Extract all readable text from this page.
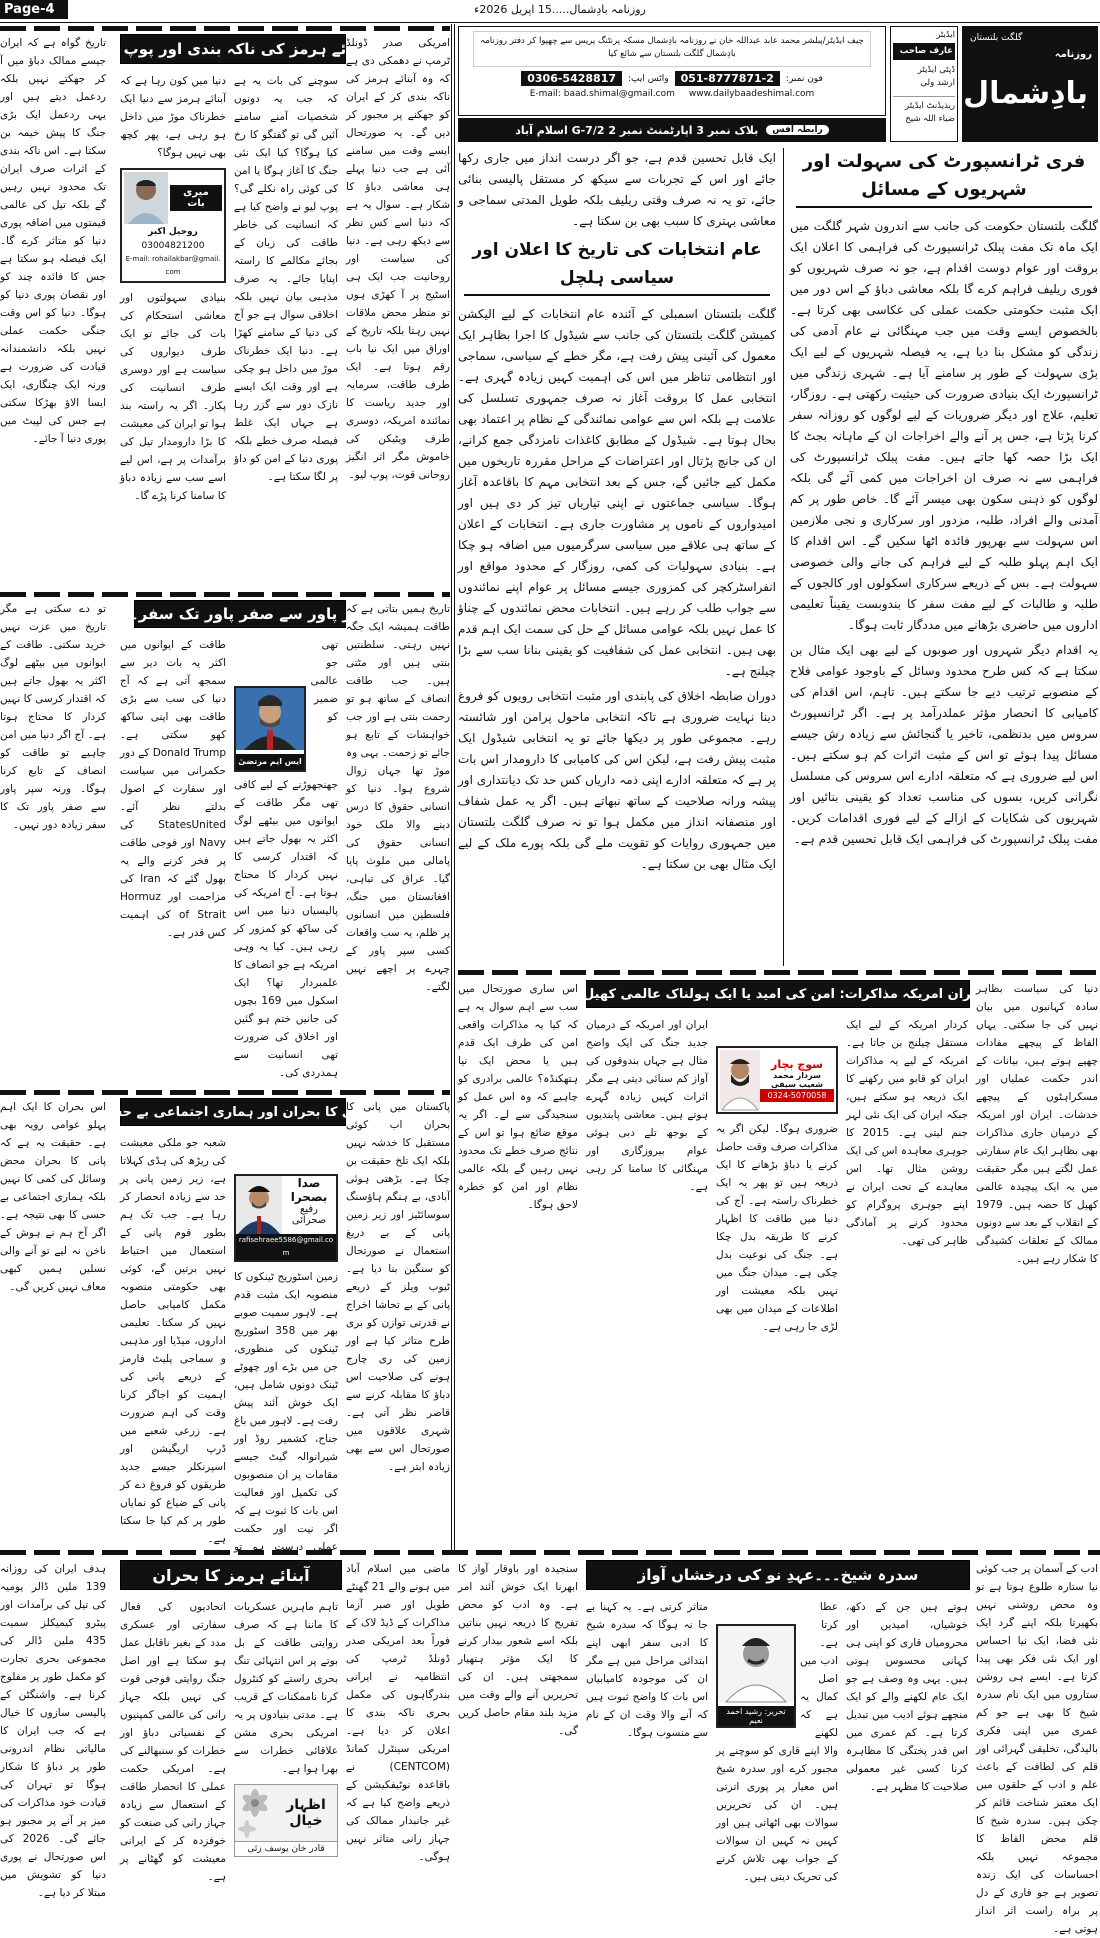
Page-4	روزنامہ بادِشمال.....15 اپریل 2026ء
روزنامہ
بادِشمال
گلگت بلتستان
ایڈیٹر
عارف صاحب
ڈپٹی ایڈیٹر
ارشد ولی
ریذیڈنٹ ایڈیٹر
ضیاء اللہ شیخ
چیف ایڈیٹر/پبلشر محمد عابد عبداللہ خان نے روزنامہ بادِشمال مسکہ پرنٹنگ پریس سے چھپوا کر دفتر روزنامہ بادِشمال گلگت بلتستان سے شائع کیا
فون نمبر:
051-8777871-2
واٹس ایپ:
0306-5428817
E-mail: baad.shimal@gmail.com www.dailybaadeshimal.com
رابطہ آفس
بلاک نمبر 3 اپارٹمنٹ نمبر 2 G-7/2 اسلام آباد
فری ٹرانسپورٹ کی سہولت اور شہریوں کے مسائل

گلگت بلتستان حکومت کی جانب سے اندرون شہر گلگت میں ایک ماہ تک مفت پبلک ٹرانسپورٹ کی فراہمی کا اعلان ایک بروقت اور عوام دوست اقدام ہے، جو نہ صرف شہریوں کو فوری ریلیف فراہم کرے گا بلکہ معاشی دباؤ کے اس دور میں ایک مثبت حکومتی حکمت عملی کی عکاسی بھی کرتا ہے۔ بالخصوص ایسے وقت میں جب مہنگائی نے عام آدمی کی زندگی کو مشکل بنا دیا ہے، یہ فیصلہ شہریوں کے لیے ایک بڑی سہولت کے طور پر سامنے آیا ہے۔ شہری زندگی میں ٹرانسپورٹ ایک بنیادی ضرورت کی حیثیت رکھتی ہے۔ روزگار، تعلیم، علاج اور دیگر ضروریات کے لیے لوگوں کو روزانہ سفر کرنا پڑتا ہے، جس پر آنے والے اخراجات ان کے ماہانہ بجٹ کا ایک بڑا حصہ کھا جاتے ہیں۔ مفت پبلک ٹرانسپورٹ کی فراہمی سے نہ صرف ان اخراجات میں کمی آئے گی بلکہ لوگوں کو ذہنی سکون بھی میسر آئے گا۔ خاص طور پر کم آمدنی والے افراد، طلبہ، مزدور اور سرکاری و نجی ملازمین اس سہولت سے بھرپور فائدہ اٹھا سکیں گے۔ اس اقدام کا ایک اہم پہلو طلبہ کے لیے فراہم کی جانے والی خصوصی سہولت ہے۔ بس کے ذریعے سرکاری اسکولوں اور کالجوں کے طلبہ و طالبات کے لیے مفت سفر کا بندوبست یقیناً تعلیمی اداروں میں حاضری بڑھانے میں مددگار ثابت ہوگا۔

یہ اقدام دیگر شہروں اور صوبوں کے لیے بھی ایک مثال بن سکتا ہے کہ کس طرح محدود وسائل کے باوجود عوامی فلاح کے منصوبے ترتیب دیے جا سکتے ہیں۔ تاہم، اس اقدام کی کامیابی کا انحصار مؤثر عملدرآمد پر ہے۔ اگر ٹرانسپورٹ سروس میں بدنظمی، تاخیر یا گنجائش سے زیادہ رش جیسے مسائل پیدا ہوئے تو اس کے مثبت اثرات کم ہو سکتے ہیں۔ اس لیے ضروری ہے کہ متعلقہ ادارے اس سروس کی مسلسل نگرانی کریں، بسوں کی مناسب تعداد کو یقینی بنائیں اور شہریوں کی شکایات کے ازالے کے لیے فوری اقدامات کریں۔ مفت پبلک ٹرانسپورٹ کی فراہمی ایک قابل تحسین قدم ہے۔

ایک قابل تحسین قدم ہے، جو اگر درست انداز میں جاری رکھا جائے اور اس کے تجربات سے سیکھ کر مستقل پالیسی بنائی جائے، تو یہ نہ صرف وقتی ریلیف بلکہ طویل المدتی سماجی و معاشی بہتری کا سبب بھی بن سکتا ہے۔

عام انتخابات کی تاریخ کا اعلان اور سیاسی ہلچل

گلگت بلتستان اسمبلی کے آئندہ عام انتخابات کے لیے الیکشن کمیشن گلگت بلتستان کی جانب سے شیڈول کا اجرا بظاہر ایک معمول کی آئینی پیش رفت ہے، مگر خطے کے سیاسی، سماجی اور انتظامی تناظر میں اس کی اہمیت کہیں زیادہ گہری ہے۔ انتخابی عمل کا بروقت آغاز نہ صرف جمہوری تسلسل کی علامت ہے بلکہ اس سے عوامی نمائندگی کے نظام پر اعتماد بھی بحال ہوتا ہے۔ شیڈول کے مطابق کاغذات نامزدگی جمع کرانے، ان کی جانچ پڑتال اور اعتراضات کے مراحل مقررہ تاریخوں میں مکمل کیے جائیں گے، جس کے بعد انتخابی مہم کا باقاعدہ آغاز ہوگا۔ سیاسی جماعتوں نے اپنی تیاریاں تیز کر دی ہیں اور امیدواروں کے ناموں پر مشاورت جاری ہے۔ انتخابات کے اعلان کے ساتھ ہی علاقے میں سیاسی سرگرمیوں میں اضافہ ہو چکا ہے۔ بنیادی سہولیات کی کمی، روزگار کے محدود مواقع اور انفراسٹرکچر کی کمزوری جیسے مسائل پر عوام اپنے نمائندوں سے جواب طلب کر رہے ہیں۔ انتخابات محض نمائندوں کے چناؤ کا عمل نہیں بلکہ عوامی مسائل کے حل کی سمت ایک اہم قدم بھی ہیں۔ انتخابی عمل کی شفافیت کو یقینی بنانا سب سے بڑا چیلنج ہے۔

دوران ضابطہ اخلاق کی پابندی اور مثبت انتخابی رویوں کو فروغ دینا نہایت ضروری ہے تاکہ انتخابی ماحول پرامن اور شائستہ رہے۔ مجموعی طور پر دیکھا جائے تو یہ انتخابی شیڈول ایک مثبت پیش رفت ہے، لیکن اس کی کامیابی کا دارومدار اس بات پر ہے کہ متعلقہ ادارے اپنی ذمہ داریاں کس حد تک دیانتداری اور پیشہ ورانہ صلاحیت کے ساتھ نبھاتے ہیں۔ اگر یہ عمل شفاف اور منصفانہ انداز میں مکمل ہوا تو نہ صرف گلگت بلتستان میں جمہوری روایات کو تقویت ملے گی بلکہ پورے ملک کے لیے ایک مثال بھی بن سکتا ہے۔

آبنائے ہرمز کی ناکہ بندی اور پوپ لیو

امریکی صدر ڈونلڈ ٹرمپ نے دھمکی دی ہے کہ وہ آبنائے ہرمز کی ناکہ بندی کر کے ایران کو جھکنے پر مجبور کر دیں گے۔ یہ صورتحال ایسے وقت میں سامنے آئی ہے جب دنیا پہلے ہی معاشی دباؤ کا شکار ہے۔ سوال یہ ہے کہ دنیا اسے کس نظر سے دیکھ رہی ہے۔ دنیا کی سیاست اور روحانیت جب ایک ہی اسٹیج پر آ کھڑی ہوں تو منظر محض ملاقات نہیں رہتا بلکہ تاریخ کے اوراق میں ایک نیا باب رقم ہوتا ہے۔ ایک طرف طاقت، سرمایہ اور جدید ریاست کا نمائندہ امریکہ، دوسری طرف ویٹیکن کی خاموش مگر اثر انگیز روحانی قوت، پوپ لیو۔

سوچنے کی بات یہ ہے کہ جب یہ دونوں شخصیات آمنے سامنے آئیں گی تو گفتگو کا رخ کیا ہوگا؟ کیا ایک نئی جنگ کا آغاز ہوگا یا امن کی کوئی راہ نکلے گی؟ پوپ لیو نے واضح کیا ہے کہ انسانیت کی خاطر طاقت کی زبان کے بجائے مکالمے کا راستہ اپنایا جائے۔ یہ صرف مذہبی بیان نہیں بلکہ اخلاقی سوال ہے جو آج کی دنیا کے سامنے کھڑا ہے۔ دنیا ایک خطرناک موڑ میں داخل ہو چکی ہے اور وقت ایک ایسے نازک دور سے گزر رہا ہے جہاں ایک غلط فیصلہ صرف خطے بلکہ پوری دنیا کے امن کو داؤ پر لگا سکتا ہے۔

دنیا میں کون رہا ہے کہ آبنائے ہرمز سے دنیا ایک خطرناک موڑ میں داخل ہو رہی ہے، پھر کچھ بھی نہیں ہوگا؟

میری بات
روحیل اکبر
03004821200
E-mail: rohailakbar@gmail.com

بنیادی سہولتوں اور معاشی استحکام کی بات کی جائے تو ایک طرف دیواروں کی سیاست ہے اور دوسری طرف انسانیت کی پکار۔ اگر یہ راستہ بند ہوا تو ایران کی معیشت کا بڑا دارومدار تیل کی برآمدات پر ہے، اس لیے اسے سب سے زیادہ دباؤ کا سامنا کرنا پڑے گا۔

تاریخ گواہ ہے کہ ایران جیسے ممالک دباؤ میں آ کر جھکتے نہیں بلکہ ردعمل دیتے ہیں اور یہی ردعمل ایک بڑی جنگ کا پیش خیمہ بن سکتا ہے۔ اس ناکہ بندی کے اثرات صرف ایران تک محدود نہیں رہیں گے بلکہ تیل کی عالمی قیمتوں میں اضافہ پوری دنیا کو متاثر کرے گا۔ ایک فیصلہ ہو سکتا ہے جس کا فائدہ چند کو اور نقصان پوری دنیا کو ہوگا۔ دنیا کو اس وقت جنگی حکمت عملی نہیں بلکہ دانشمندانہ قیادت کی ضرورت ہے ورنہ ایک چنگاری، ایک ایسا الاؤ بھڑکا سکتی ہے جس کی لپیٹ میں پوری دنیا آ جائے۔

سپر پاور سے صفر پاور تک سفر۔۔!!

تاریخ ہمیں بتاتی ہے کہ طاقت ہمیشہ ایک جگہ نہیں رہتی۔ سلطنتیں بنتی ہیں اور مٹتی ہیں۔ جب طاقت انصاف کے ساتھ ہو تو رحمت بنتی ہے اور جب خواہشات کے تابع ہو جائے تو زحمت۔ یہی وہ موڑ تھا جہاں زوال شروع ہوا۔ دنیا کو انسانی حقوق کا درس دینے والا ملک خود انسانی حقوق کی پامالی میں ملوث پایا گیا۔ عراق کی تباہی، افغانستان میں جنگ، فلسطین میں انسانوں پر ظلم، یہ سب واقعات کسی سپر پاور کے چہرے پر اچھے نہیں لگتے۔

ایس ایم مرتضیٰ

تھی جو عالمی ضمیر کو جھنجھوڑنے کے لیے کافی تھی مگر طاقت کے ایوانوں میں بیٹھے لوگ اکثر یہ بھول جاتے ہیں کہ اقتدار کرسی کا نہیں کردار کا محتاج ہوتا ہے۔ آج امریکہ کی پالیسیاں دنیا میں اس کی ساکھ کو کمزور کر رہی ہیں۔ کیا یہ وہی امریکہ ہے جو انصاف کا علمبردار تھا؟ ایک اسکول میں 169 بچوں کی جانیں ختم ہو گئیں اور اخلاق کی ضرورت تھی انسانیت سے ہمدردی کی۔

طاقت کے ایوانوں میں اکثر یہ بات دیر سے سمجھ آتی ہے کہ آج دنیا کی سب سے بڑی طاقت بھی اپنی ساکھ کھو سکتی ہے۔ Donald Trump کے دور حکمرانی میں سیاست اور سفارت کے اصول بدلتے نظر آئے۔ StatesUnited کی Navy اور فوجی طاقت پر فخر کرنے والے یہ بھول گئے کہ Iran کی مزاحمت اور Hormuz of Strait کی اہمیت کس قدر ہے۔

تو دے سکتی ہے مگر تاریخ میں عزت نہیں خرید سکتی۔ طاقت کے ایوانوں میں بیٹھے لوگ اکثر یہ بھول جاتے ہیں کہ اقتدار کرسی کا نہیں کردار کا محتاج ہوتا ہے۔ آج اگر دنیا میں امن چاہیے تو طاقت کو انصاف کے تابع کرنا ہوگا۔ ورنہ سپر پاور سے صفر پاور تک کا سفر زیادہ دور نہیں۔

پانی کا بحران اور ہماری اجتماعی بے حسی

پاکستان میں پانی کا بحران اب کوئی مستقبل کا خدشہ نہیں بلکہ ایک تلخ حقیقت بن چکا ہے۔ بڑھتی ہوئی آبادی، بے ہنگم ہاؤسنگ سوسائٹیز اور زیر زمین پانی کے بے دریغ استعمال نے صورتحال کو سنگین بنا دیا ہے۔ ٹیوب ویلز کے ذریعے پانی کے بے تحاشا اخراج نے قدرتی توازن کو بری طرح متاثر کیا ہے اور زمین کی ری چارج ہونے کی صلاحیت اس دباؤ کا مقابلہ کرنے سے قاصر نظر آتی ہے۔ شہری علاقوں میں صورتحال اس سے بھی زیادہ ابتر ہے۔

صدا بصحرا
رفیع صحرائی
rafisehraee5586@gmail.com

زمین اسٹوریج ٹینکوں کا منصوبہ ایک مثبت قدم ہے۔ لاہور سمیت صوبے بھر میں 358 اسٹوریج ٹینکوں کی منظوری، جن میں بڑے اور چھوٹے ٹینک دونوں شامل ہیں، ایک خوش آئند پیش رفت ہے۔ لاہور میں باغ جناح، کشمیر روڈ اور شیرانوالہ گیٹ جیسے مقامات پر ان منصوبوں کی تکمیل اور فعالیت اس بات کا ثبوت ہے کہ اگر نیت اور حکمت عملی درست ہو تو

شعبہ جو ملکی معیشت کی ریڑھ کی ہڈی کہلاتا ہے، زیر زمین پانی پر حد سے زیادہ انحصار کر رہا ہے۔ جب تک ہم بطور قوم پانی کے استعمال میں احتیاط نہیں برتیں گے، کوئی بھی حکومتی منصوبہ مکمل کامیابی حاصل نہیں کر سکتا۔ تعلیمی اداروں، میڈیا اور مذہبی و سماجی پلیٹ فارمز کے ذریعے پانی کی اہمیت کو اجاگر کرنا وقت کی اہم ضرورت ہے۔ زرعی شعبے میں ڈرپ اریگیشن اور اسپرنکلر جیسے جدید طریقوں کو فروغ دے کر پانی کے ضیاع کو نمایاں طور پر کم کیا جا سکتا ہے۔

اس بحران کا ایک اہم پہلو عوامی رویہ بھی ہے۔ حقیقت یہ ہے کہ پانی کا بحران محض وسائل کی کمی کا نہیں بلکہ ہماری اجتماعی بے حسی کا بھی نتیجہ ہے۔ اگر آج ہم نے ہوش کے ناخن نہ لیے تو آنے والی نسلیں ہمیں کبھی معاف نہیں کریں گی۔

آبنائے ہرمز کا بحران	ماضی میں اسلام آباد میں ہونے والے 21 گھنٹے طویل اور صبر آزما مذاکرات کے ڈیڈ لاک کے فوراً بعد امریکی صدر ڈونلڈ ٹرمپ کی انتظامیہ نے ایرانی بندرگاہوں کی مکمل بحری ناکہ بندی کا اعلان کر دیا ہے۔ امریکی سینٹرل کمانڈ (CENTCOM) نے باقاعدہ نوٹیفکیشن کے ذریعے واضح کیا ہے کہ غیر جانبدار ممالک کی جہاز رانی متاثر نہیں ہوگی۔

تاہم ماہرین عسکریات کا ماننا ہے کہ صرف روایتی طاقت کے بل بوتے پر اس انتہائی تنگ بحری راستے کو کنٹرول کرنا ناممکنات کے قریب ہے۔ مدتی بنیادوں پر یہ امریکی بحری مشن علاقائی خطرات سے بھرا ہوا ہے۔

اظہار خیال
قادر خان یوسف زئی

اتحادیوں کی فعال سفارتی اور عسکری مدد کے بغیر ناقابل عمل ہو سکتا ہے اور اصل جنگ روایتی فوجی قوت کی نہیں بلکہ جہاز رانی کی عالمی کمپنیوں کے نفسیاتی دباؤ اور خطرات کو سنبھالنے کی ہے۔ امریکی حکمت عملی کا انحصار طاقت کے استعمال سے زیادہ جہاز رانی کی صنعت کو خوفزدہ کر کے ایرانی معیشت کو گھٹانے پر ہے۔

ہدف ایران کی روزانہ 139 ملین ڈالر یومیہ کی تیل کی برآمدات اور پیٹرو کیمیکلز سمیت 435 ملین ڈالر کی مجموعی بحری تجارت کو مکمل طور پر مفلوج کرنا ہے۔ واشنگٹن کے پالیسی سازوں کا خیال ہے کہ جب ایران کا مالیاتی نظام اندرونی طور پر دباؤ کا شکار ہوگا تو تہران کی قیادت خود مذاکرات کی میز پر آنے پر مجبور ہو جائے گی۔ 2026 کی اس صورتحال نے پوری دنیا کو تشویش میں مبتلا کر دیا ہے۔

ایران امریکہ مذاکرات: امن کی امید یا ایک ہولناک عالمی کھیل؟

دنیا کی سیاست بظاہر سادہ کہانیوں میں بیان نہیں کی جا سکتی۔ یہاں الفاظ کے پیچھے مفادات چھپے ہوتے ہیں، بیانات کے اندر حکمت عملیاں اور مسکراہٹوں کے پیچھے خدشات۔ ایران اور امریکہ کے درمیان جاری مذاکرات بھی بظاہر ایک عام سفارتی عمل لگتے ہیں مگر حقیقت میں یہ ایک پیچیدہ عالمی کھیل کا حصہ ہیں۔ 1979 کے انقلاب کے بعد سے دونوں ممالک کے تعلقات کشیدگی کا شکار رہے ہیں۔

کردار امریکہ کے لیے ایک مستقل چیلنج بن جاتا ہے۔ امریکہ کے لیے یہ مذاکرات ایران کو قابو میں رکھنے کا ایک ذریعہ ہو سکتے ہیں، جبکہ ایران کی ایک نئی لہر جنم لیتی ہے۔ 2015 کا جوہری معاہدہ اس کی ایک روشن مثال تھا۔ اس معاہدے کے تحت ایران نے اپنے جوہری پروگرام کو محدود کرنے پر آمادگی ظاہر کی تھی۔

سوچ بچار
سردار محمد شعیب سیفی
0324-5070058

ضروری ہوگا۔ لیکن اگر یہ مذاکرات صرف وقت حاصل کرنے یا دباؤ بڑھانے کا ایک ذریعہ ہیں تو پھر یہ ایک خطرناک راستہ ہے۔ آج کی دنیا میں طاقت کا اظہار کرنے کا طریقہ بدل چکا ہے۔ جنگ کی نوعیت بدل چکی ہے۔ میدان جنگ میں نہیں بلکہ معیشت اور اطلاعات کے میدان میں بھی لڑی جا رہی ہے۔

ایران اور امریکہ کے درمیان جدید جنگ کی ایک واضح مثال ہے جہاں بندوقوں کی آواز کم سنائی دیتی ہے مگر اثرات کہیں زیادہ گہرے ہوتے ہیں۔ معاشی پابندیوں کے بوجھ تلے دبی ہوئی عوام بیروزگاری اور مہنگائی کا سامنا کر رہی ہے۔

اس ساری صورتحال میں سب سے اہم سوال یہ ہے کہ کیا یہ مذاکرات واقعی امن کی طرف ایک قدم ہیں یا محض ایک نیا ہتھکنڈہ؟ عالمی برادری کو چاہیے کہ وہ اس عمل کو سنجیدگی سے لے۔ اگر یہ موقع ضائع ہوا تو اس کے نتائج صرف خطے تک محدود نہیں رہیں گے بلکہ عالمی نظام اور امن کو خطرہ لاحق ہوگا۔

سدرہ شیخ۔۔۔عہدِ نو کی درخشاں آواز	ادب کے آسمان پر جب کوئی نیا ستارہ طلوع ہوتا ہے تو وہ محض روشنی نہیں بکھیرتا بلکہ اپنے گرد ایک نئی فضا، ایک نیا احساس اور ایک نئی فکر بھی پیدا کرتا ہے۔ ایسے ہی روشن ستاروں میں ایک نام سدرہ شیخ کا بھی ہے جو کم عمری میں اپنی فکری بالیدگی، تخلیقی گہرائی اور قلم کی لطافت کے باعث علم و ادب کے حلقوں میں ایک معتبر شناخت قائم کر چکی ہیں۔ سدرہ شیخ کا قلم محض الفاظ کا مجموعہ نہیں بلکہ احساسات کی ایک زندہ تصویر ہے جو قاری کے دل پر براہ راست اثر انداز ہوتی ہے۔

ہوتے ہیں جن کے دکھ، خوشیاں، امیدیں اور محرومیاں قاری کو اپنی ہی کہانی محسوس ہوتی ہیں۔ یہی وہ وصف ہے جو ایک عام لکھنے والے کو ایک منجھے ہوئے ادیب میں تبدیل کرتا ہے۔ کم عمری میں اس قدر پختگی کا مظاہرہ کرنا کسی غیر معمولی صلاحیت کا مظہر ہے۔

تحریر: رشید احمد نعیم

عطا کرتا ہے۔ ادب میں اصل کمال یہ ہے کہ لکھنے والا اپنے قاری کو سوچنے پر مجبور کرے اور سدرہ شیخ اس معیار پر پوری اترتی ہیں۔ ان کی تحریریں سوالات بھی اٹھاتی ہیں اور کہیں نہ کہیں ان سوالات کے جواب بھی تلاش کرنے کی تحریک دیتی ہیں۔

متاثر کرتی ہے۔ یہ کہنا بے جا نہ ہوگا کہ سدرہ شیخ کا ادبی سفر ابھی اپنے ابتدائی مراحل میں ہے مگر ان کی موجودہ کامیابیاں اس بات کا واضح ثبوت ہیں کہ آنے والا وقت ان کے نام سے منسوب ہوگا۔

سنجیدہ اور باوقار آواز کا ابھرنا ایک خوش آئند امر ہے۔ وہ ادب کو محض تفریح کا ذریعہ نہیں بناتیں بلکہ اسے شعور بیدار کرنے کا ایک مؤثر ہتھیار سمجھتی ہیں۔ ان کی تحریریں آنے والے وقت میں مزید بلند مقام حاصل کریں گی۔
